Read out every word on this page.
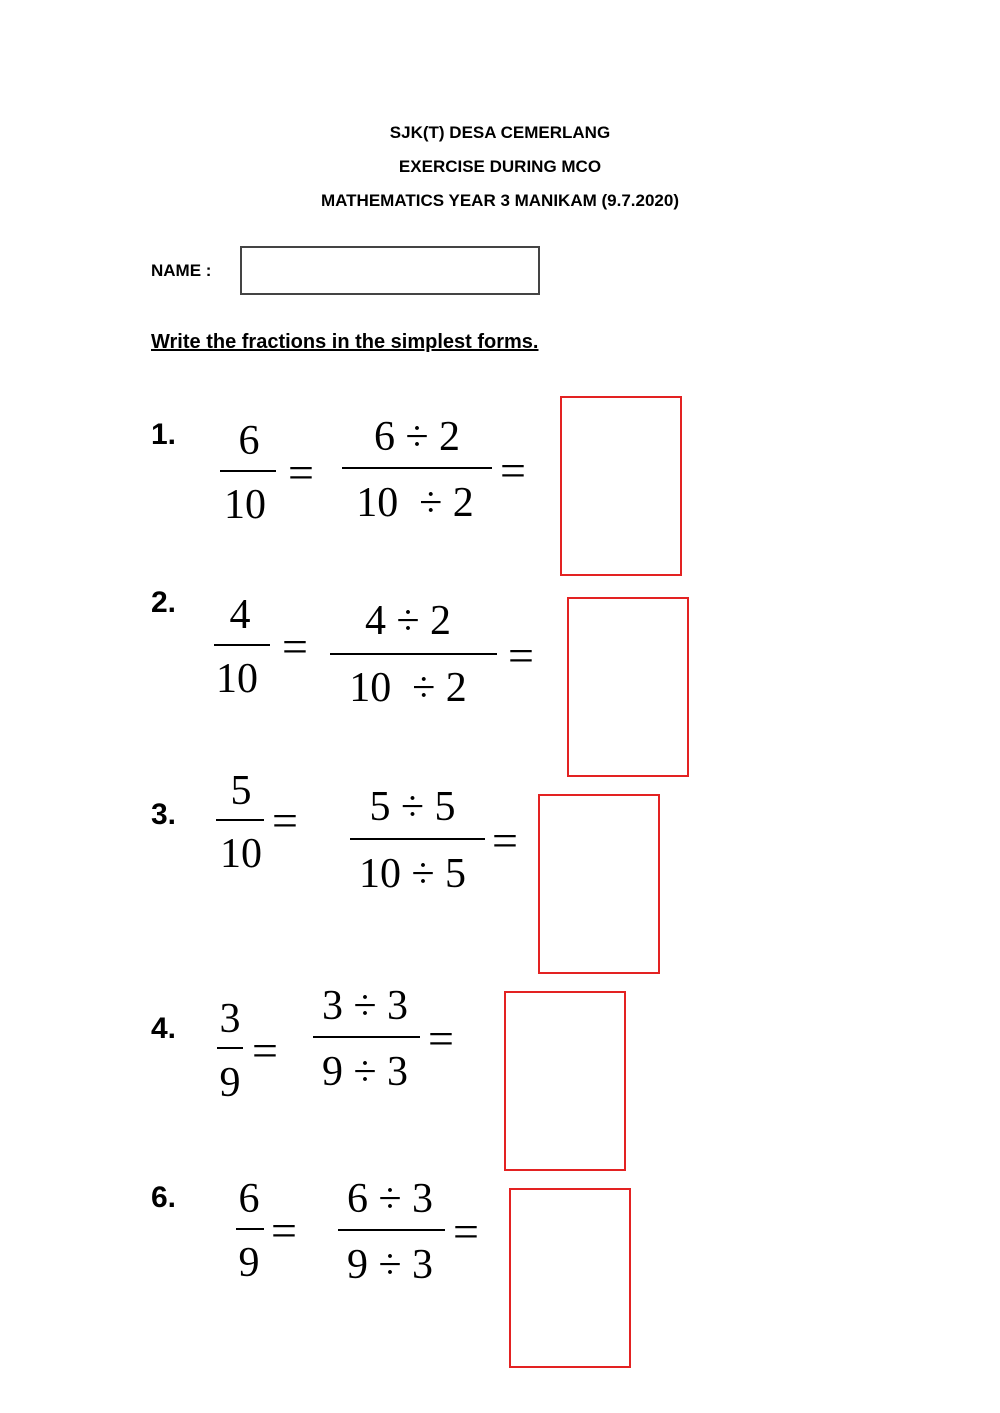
SJK(T) DESA CEMERLANG
EXERCISE DURING MCO
MATHEMATICS YEAR 3 MANIKAM (9.7.2020)
NAME :
Write the fractions in the simplest forms.
1.	6
10
=
6 ÷ 2
10  ÷ 2
=
2.	4
10
=	4 ÷ 2
10  ÷ 2
=
3.
5
10
=	5 ÷ 5
10 ÷ 5
=
4. 3
9
=
3 ÷ 3
9 ÷ 3
=
6. 6
9
=
6 ÷ 3
9 ÷ 3
=
